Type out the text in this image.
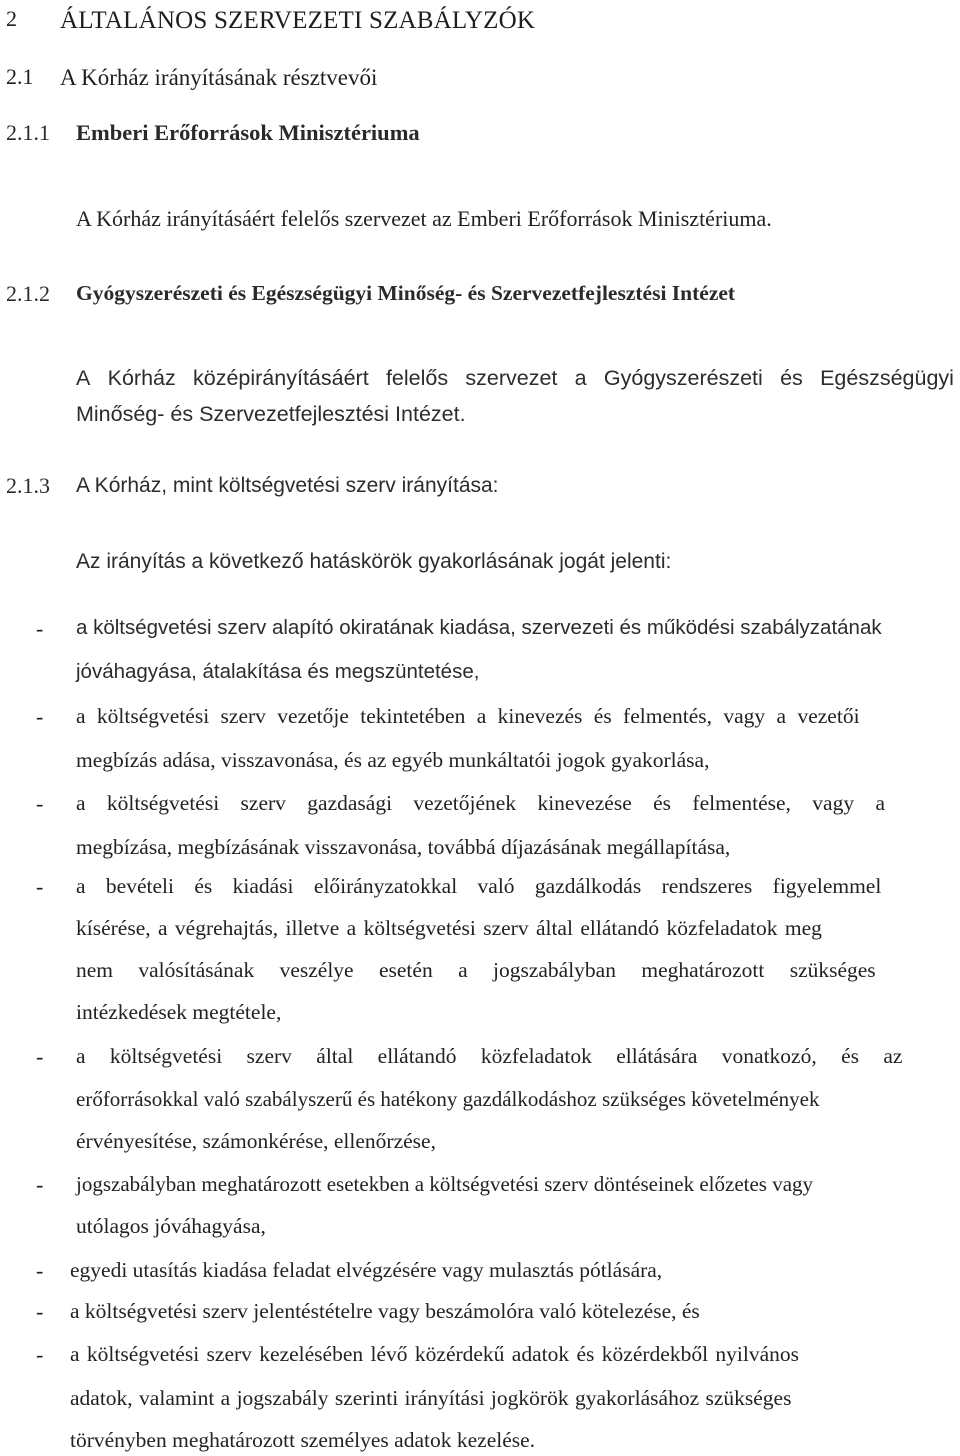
2 ÁLTALÁNOS SZERVEZETI SZABÁLYZÓK
2.1 A Kórház irányításának résztvevői
2.1.1 Emberi Erőforrások Minisztériuma
A Kórház irányításáért felelős szervezet az Emberi Erőforrások Minisztériuma.
2.1.2 Gyógyszerészeti és Egészségügyi Minőség- és Szervezetfejlesztési Intézet
A Kórház középirányításáért felelős szervezet a Gyógyszerészeti és Egészségügyi
Minőség- és Szervezetfejlesztési Intézet.
2.1.3 A Kórház, mint költségvetési szerv irányítása:
Az irányítás a következő hatáskörök gyakorlásának jogát jelenti:
- a költségvetési szerv alapító okiratának kiadása, szervezeti és működési szabályzatának
jóváhagyása, átalakítása és megszüntetése,
- a költségvetési szerv vezetője tekintetében a kinevezés és felmentés, vagy a vezetői
megbízás adása, visszavonása, és az egyéb munkáltatói jogok gyakorlása,
- a költségvetési szerv gazdasági vezetőjének kinevezése és felmentése, vagy a
megbízása, megbízásának visszavonása, továbbá díjazásának megállapítása,
- a bevételi és kiadási előirányzatokkal való gazdálkodás rendszeres figyelemmel
kísérése, a végrehajtás, illetve a költségvetési szerv által ellátandó közfeladatok meg
nem valósításának veszélye esetén a jogszabályban meghatározott szükséges
intézkedések megtétele,
- a költségvetési szerv által ellátandó közfeladatok ellátására vonatkozó, és az
erőforrásokkal való szabályszerű és hatékony gazdálkodáshoz szükséges követelmények
érvényesítése, számonkérése, ellenőrzése,
- jogszabályban meghatározott esetekben a költségvetési szerv döntéseinek előzetes vagy
utólagos jóváhagyása,
- egyedi utasítás kiadása feladat elvégzésére vagy mulasztás pótlására,
- a költségvetési szerv jelentéstételre vagy beszámolóra való kötelezése, és
- a költségvetési szerv kezelésében lévő közérdekű adatok és közérdekből nyilvános
adatok, valamint a jogszabály szerinti irányítási jogkörök gyakorlásához szükséges
törvényben meghatározott személyes adatok kezelése.
